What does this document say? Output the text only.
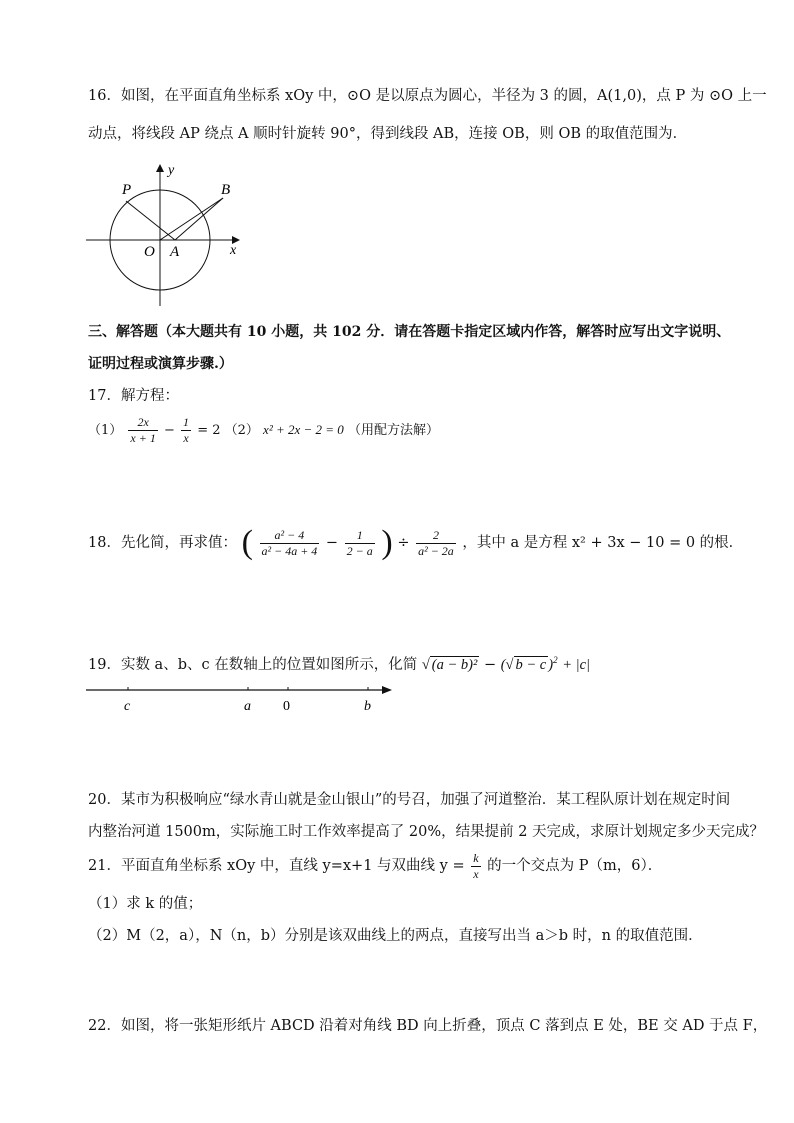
16．如图，在平面直角坐标系 xOy 中，⊙O 是以原点为圆心，半径为 3 的圆，A(1,0)，点 P 为 ⊙O 上一
动点，将线段 AP 绕点 A 顺时针旋转 90°，得到线段 AB，连接 OB，则 OB 的取值范围为．
y
x
P	B
O A
三、解答题（本大题共有 10 小题，共 102 分．请在答题卡指定区域内作答，解答时应写出文字说明、
证明过程或演算步骤.）
17．解方程：
$(1) \frac{2x}{x + 1} - \frac{1}{x} = 2$ （2） x² + 2x − 2 = 0 （用配方法解）
18．先化简，再求值： ( $\frac{\text{a² − 4}}{\text{a² − 4a + 4}} - \frac{1}{2 - a}$ ) ÷ $\frac{2}{\text{a² − 2a}}$ ，其中 a 是方程 x² + 3x − 10 = 0 的根．
19．实数 a、b、c 在数轴上的位置如图所示，化简 √ (a − b)² − (√ b − c )$^2$ + |c|
c	a 0	b
20．某市为积极响应“绿水青山就是金山银山”的号召，加强了河道整治．某工程队原计划在规定时间
内整治河道 1500m，实际施工时工作效率提高了 20%，结果提前 2 天完成，求原计划规定多少天完成？
21．平面直角坐标系 xOy 中，直线 y=x+1 与双曲线 $y = \frac{k}{x}$ 的一个交点为 P（m，6）．
（1）求 k 的值；
（2）M（2，a），N（n，b）分别是该双曲线上的两点，直接写出当 a＞b 时，n 的取值范围．
22．如图，将一张矩形纸片 ABCD 沿着对角线 BD 向上折叠，顶点 C 落到点 E 处，BE 交 AD 于点 F，
